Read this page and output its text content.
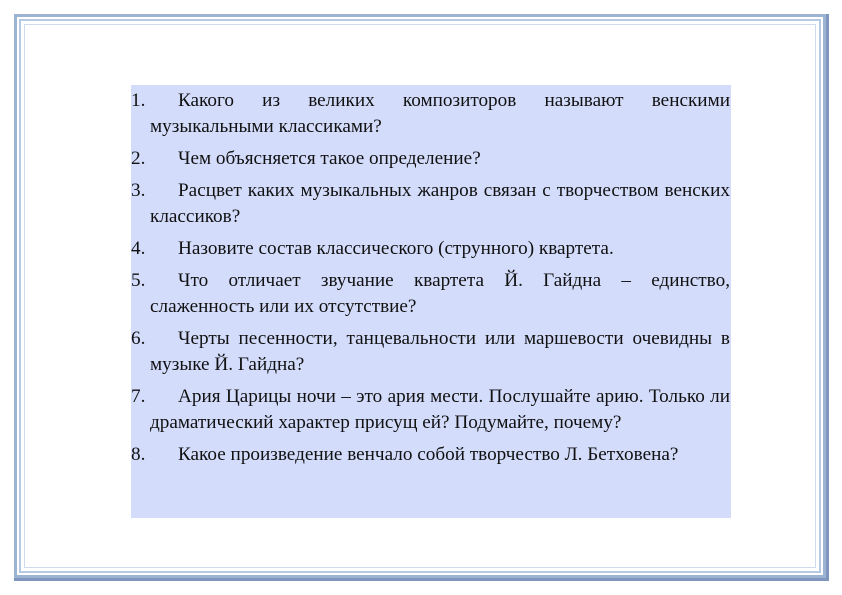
1.	Какого из великих композиторов называют венскими музыкальными классиками?
2.	Чем объясняется такое определение?
3.	Расцвет каких музыкальных жанров связан с творчеством венских классиков?
4.	Назовите состав классического (струнного) квартета.
5.	Что отличает звучание квартета Й. Гайдна – единство, слаженность или их отсутствие?
6.	Черты песенности, танцевальности или маршевости очевидны в музыке Й. Гайдна?
7.	Ария Царицы ночи – это ария мести. Послушайте арию. Только ли драматический характер присущ ей? Подумайте, почему?
8.	Какое произведение венчало собой творчество Л. Бетховена?
